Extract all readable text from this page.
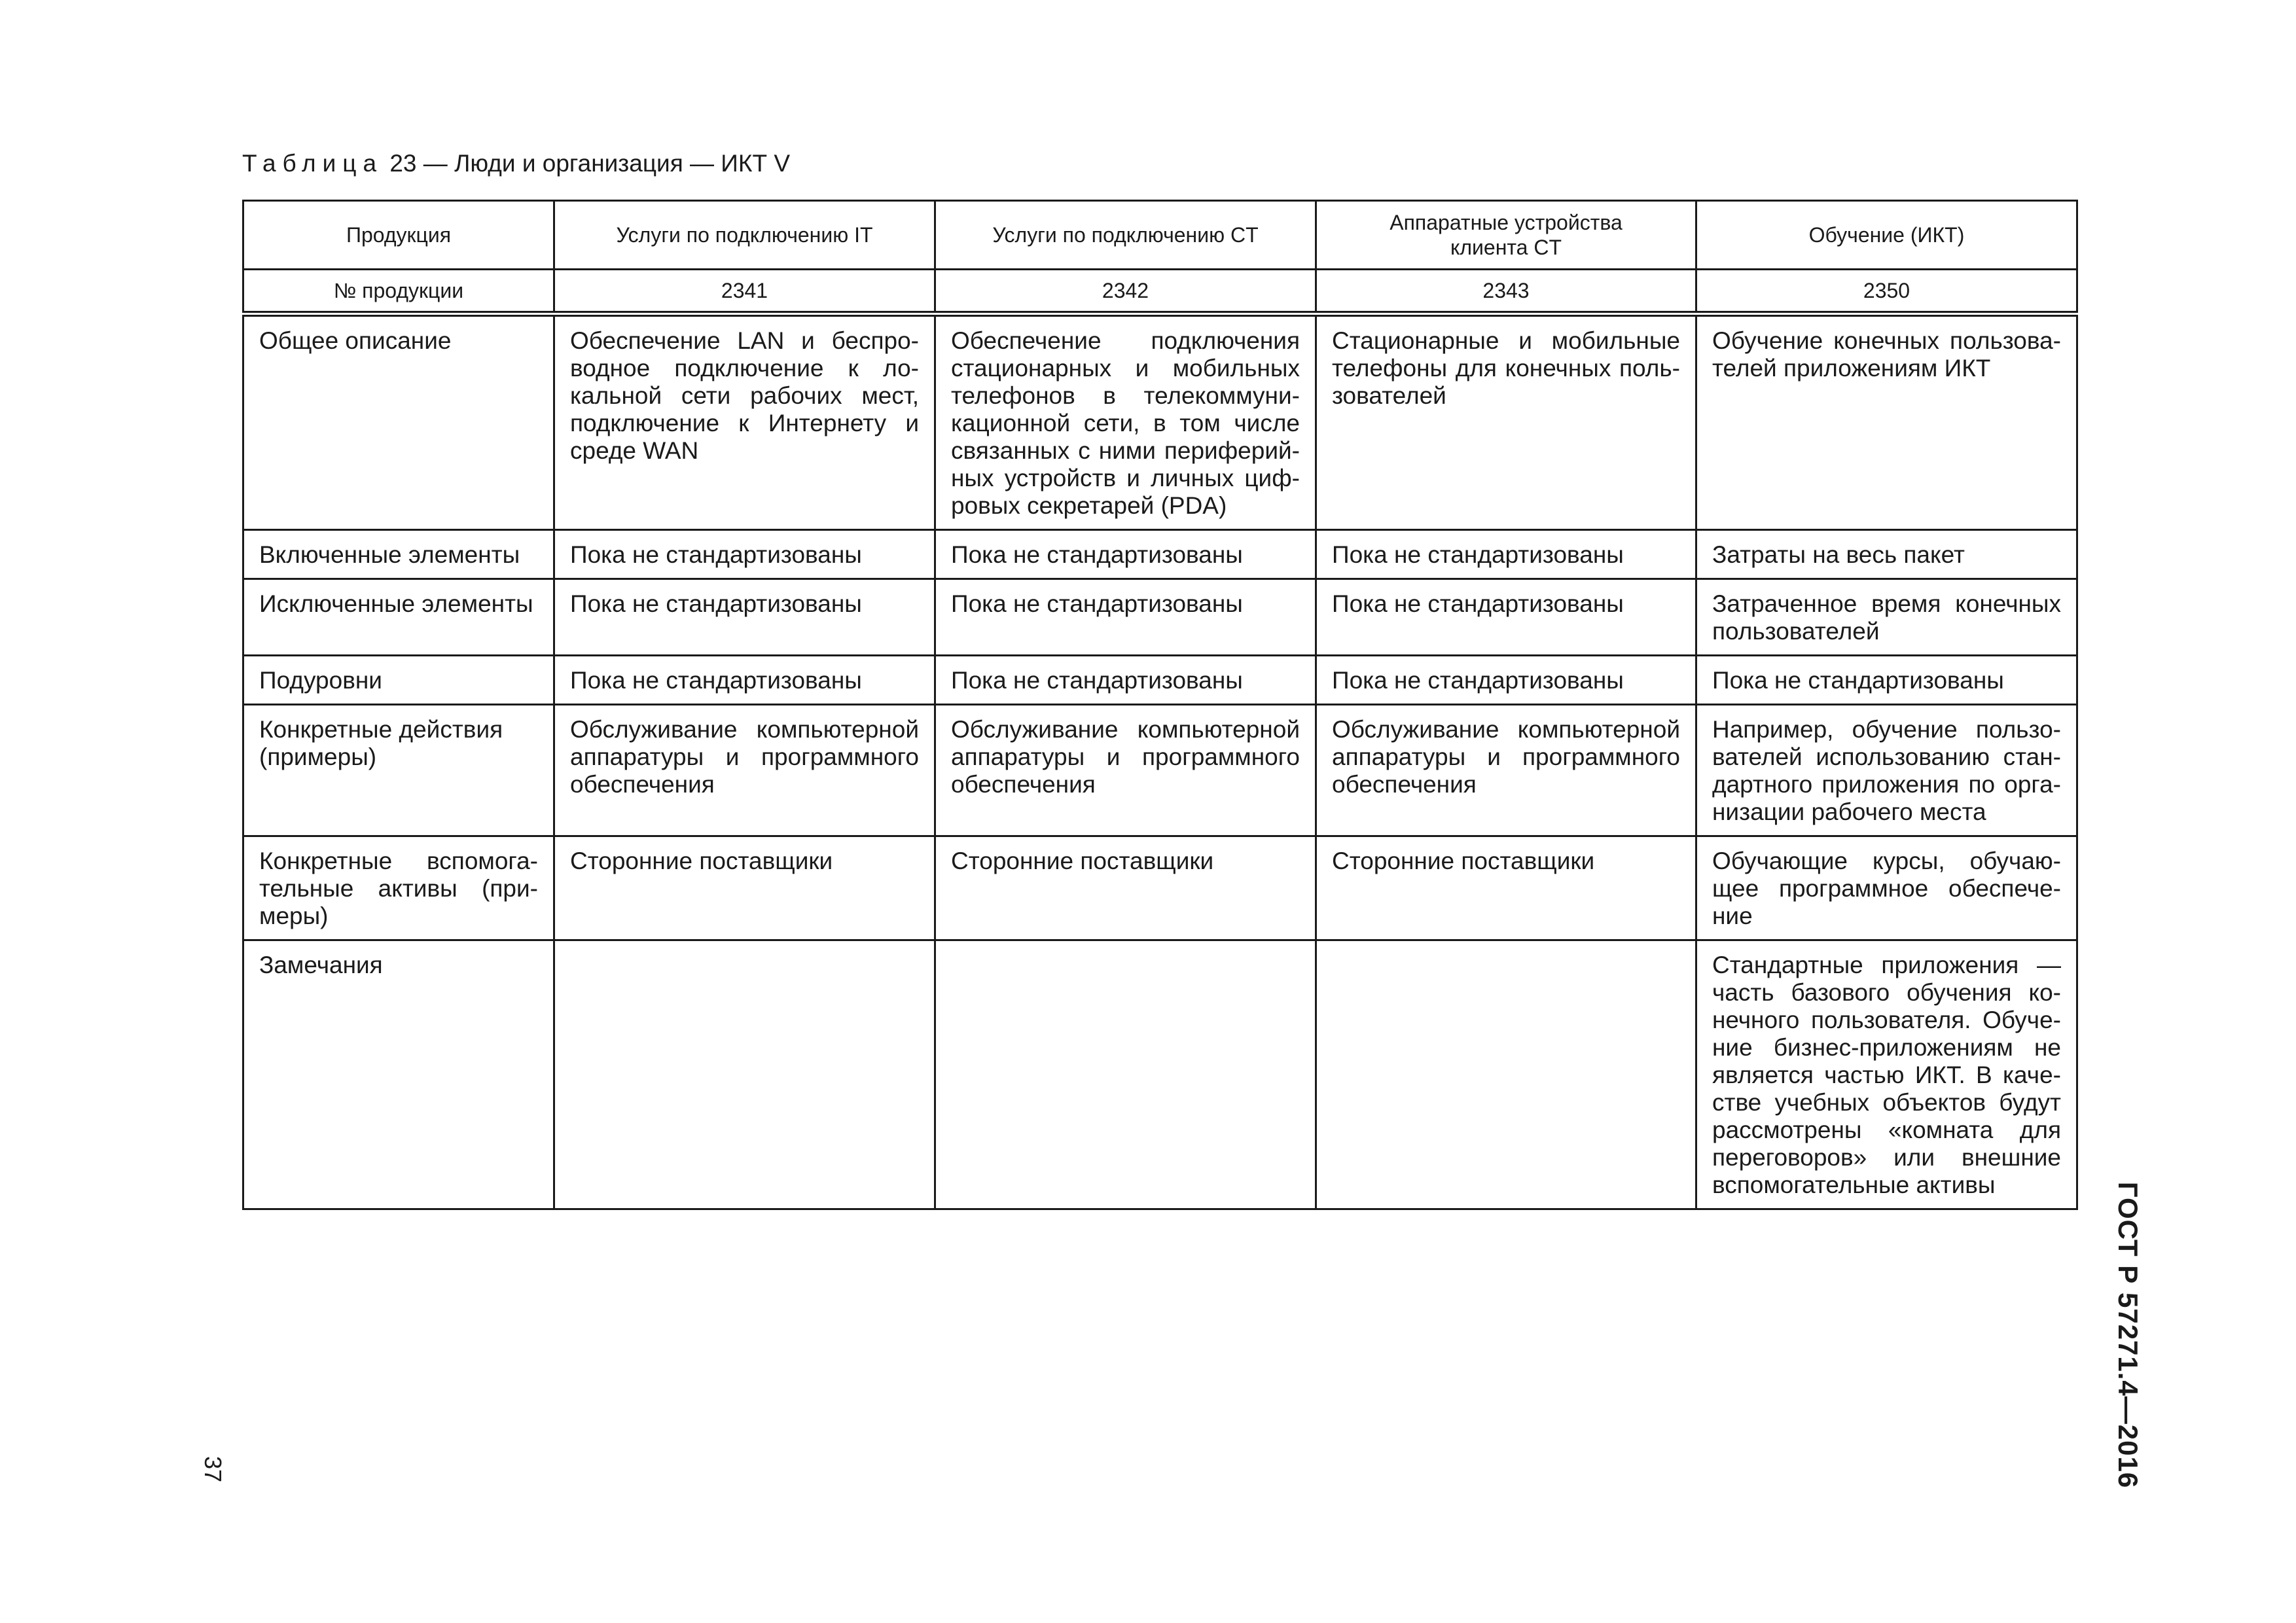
Таблица 23 — Люди и организация — ИКТ V
Продукция	Услуги по подключению IT	Услуги по подключению CT	Аппаратные устройства клиента CT	Обучение (ИКТ)
№ продукции	2341	2342	2343	2350
Общее описание	Обеспечение LAN и беспроводное подключение к локальной сети рабочих мест, подключение к Интернету и среде WAN	Обеспечение подключения стационарных и мобильных телефонов в телекоммуникационной сети, в том числе связанных с ними периферийных устройств и личных цифровых секретарей (PDA)	Стационарные и мобильные телефоны для конечных пользователей	Обучение конечных пользователей приложениям ИКТ
Включенные элементы	Пока не стандартизованы	Пока не стандартизованы	Пока не стандартизованы	Затраты на весь пакет
Исключенные элементы	Пока не стандартизованы	Пока не стандартизованы	Пока не стандартизованы	Затраченное время конечных пользователей
Подуровни	Пока не стандартизованы	Пока не стандартизованы	Пока не стандартизованы	Пока не стандартизованы
Конкретные действия (примеры)	Обслуживание компьютерной аппаратуры и программного обеспечения	Обслуживание компьютерной аппаратуры и программного обеспечения	Обслуживание компьютерной аппаратуры и программного обеспечения	Например, обучение пользователей использованию стандартного приложения по организации рабочего места
Конкретные вспомогательные активы (примеры)	Сторонние поставщики	Сторонние поставщики	Сторонние поставщики	Обучающие курсы, обучающее программное обеспечение
Замечания				Стандартные приложения — часть базового обучения конечного пользователя. Обучение бизнес-приложениям не является частью ИКТ. В качестве учебных объектов будут рассмотрены «комната для переговоров» или внешние вспомогательные активы	ГОСТ Р 57271.4—2016
37
